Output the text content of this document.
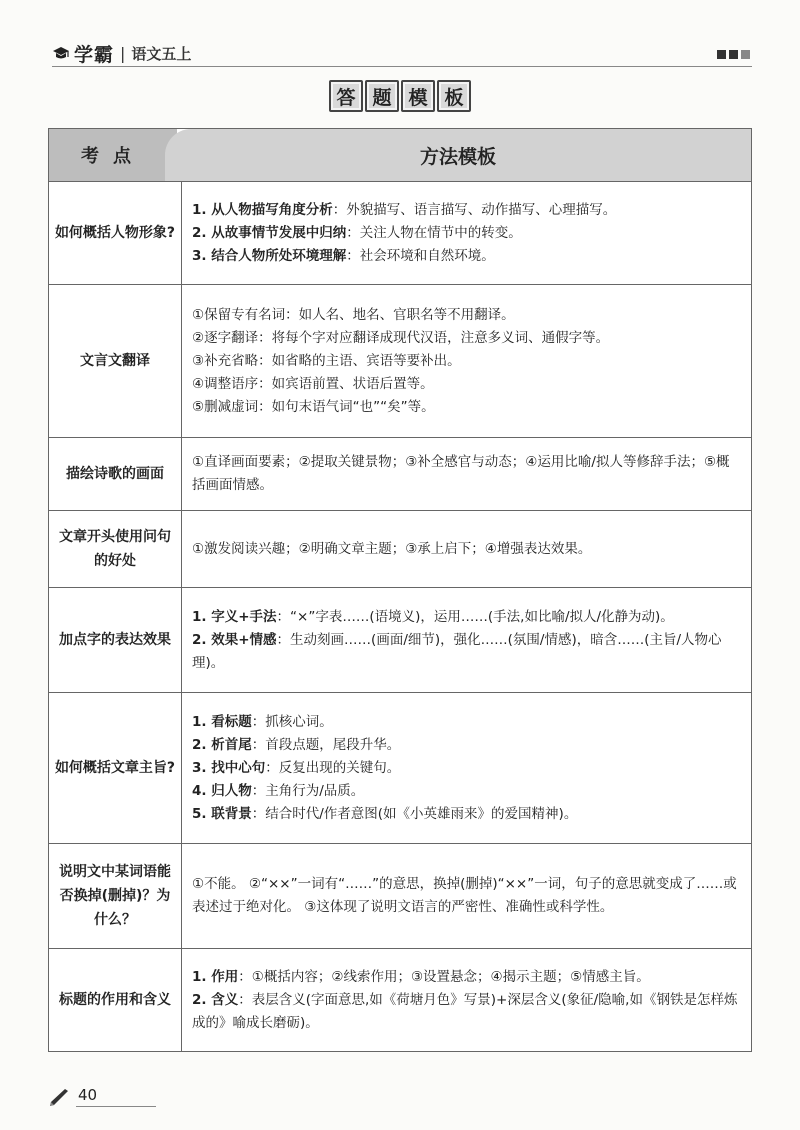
学霸 | 语文五上
答 题 模 板
考点	方法模板
如何概括人物形象?
1. 从人物描写角度分析：外貌描写、语言描写、动作描写、心理描写。
2. 从故事情节发展中归纳：关注人物在情节中的转变。
3. 结合人物所处环境理解：社会环境和自然环境。
文言文翻译
①保留专有名词：如人名、地名、官职名等不用翻译。
②逐字翻译：将每个字对应翻译成现代汉语，注意多义词、通假字等。
③补充省略：如省略的主语、宾语等要补出。
④调整语序：如宾语前置、状语后置等。
⑤删减虚词：如句末语气词“也”“矣”等。
描绘诗歌的画面
①直译画面要素；②提取关键景物；③补全感官与动态；④运用比喻/拟人等修辞手法；⑤概括画面情感。
文章开头使用问句的好处
①激发阅读兴趣；②明确文章主题；③承上启下；④增强表达效果。
加点字的表达效果
1. 字义+手法：“×”字表……(语境义)，运用……(手法,如比喻/拟人/化静为动)。
2. 效果+情感：生动刻画……(画面/细节)，强化……(氛围/情感)，暗含……(主旨/人物心理)。
如何概括文章主旨?
1. 看标题：抓核心词。
2. 析首尾：首段点题，尾段升华。
3. 找中心句：反复出现的关键句。
4. 归人物：主角行为/品质。
5. 联背景：结合时代/作者意图(如《小英雄雨来》的爱国精神)。
说明文中某词语能否换掉(删掉)？为什么？
①不能。 ②“××”一词有“……”的意思，换掉(删掉)“××”一词，句子的意思就变成了……或表述过于绝对化。 ③这体现了说明文语言的严密性、准确性或科学性。
标题的作用和含义
1. 作用：①概括内容；②线索作用；③设置悬念；④揭示主题；⑤情感主旨。
2. 含义：表层含义(字面意思,如《荷塘月色》写景)+深层含义(象征/隐喻,如《钢铁是怎样炼成的》喻成长磨砺)。
40
